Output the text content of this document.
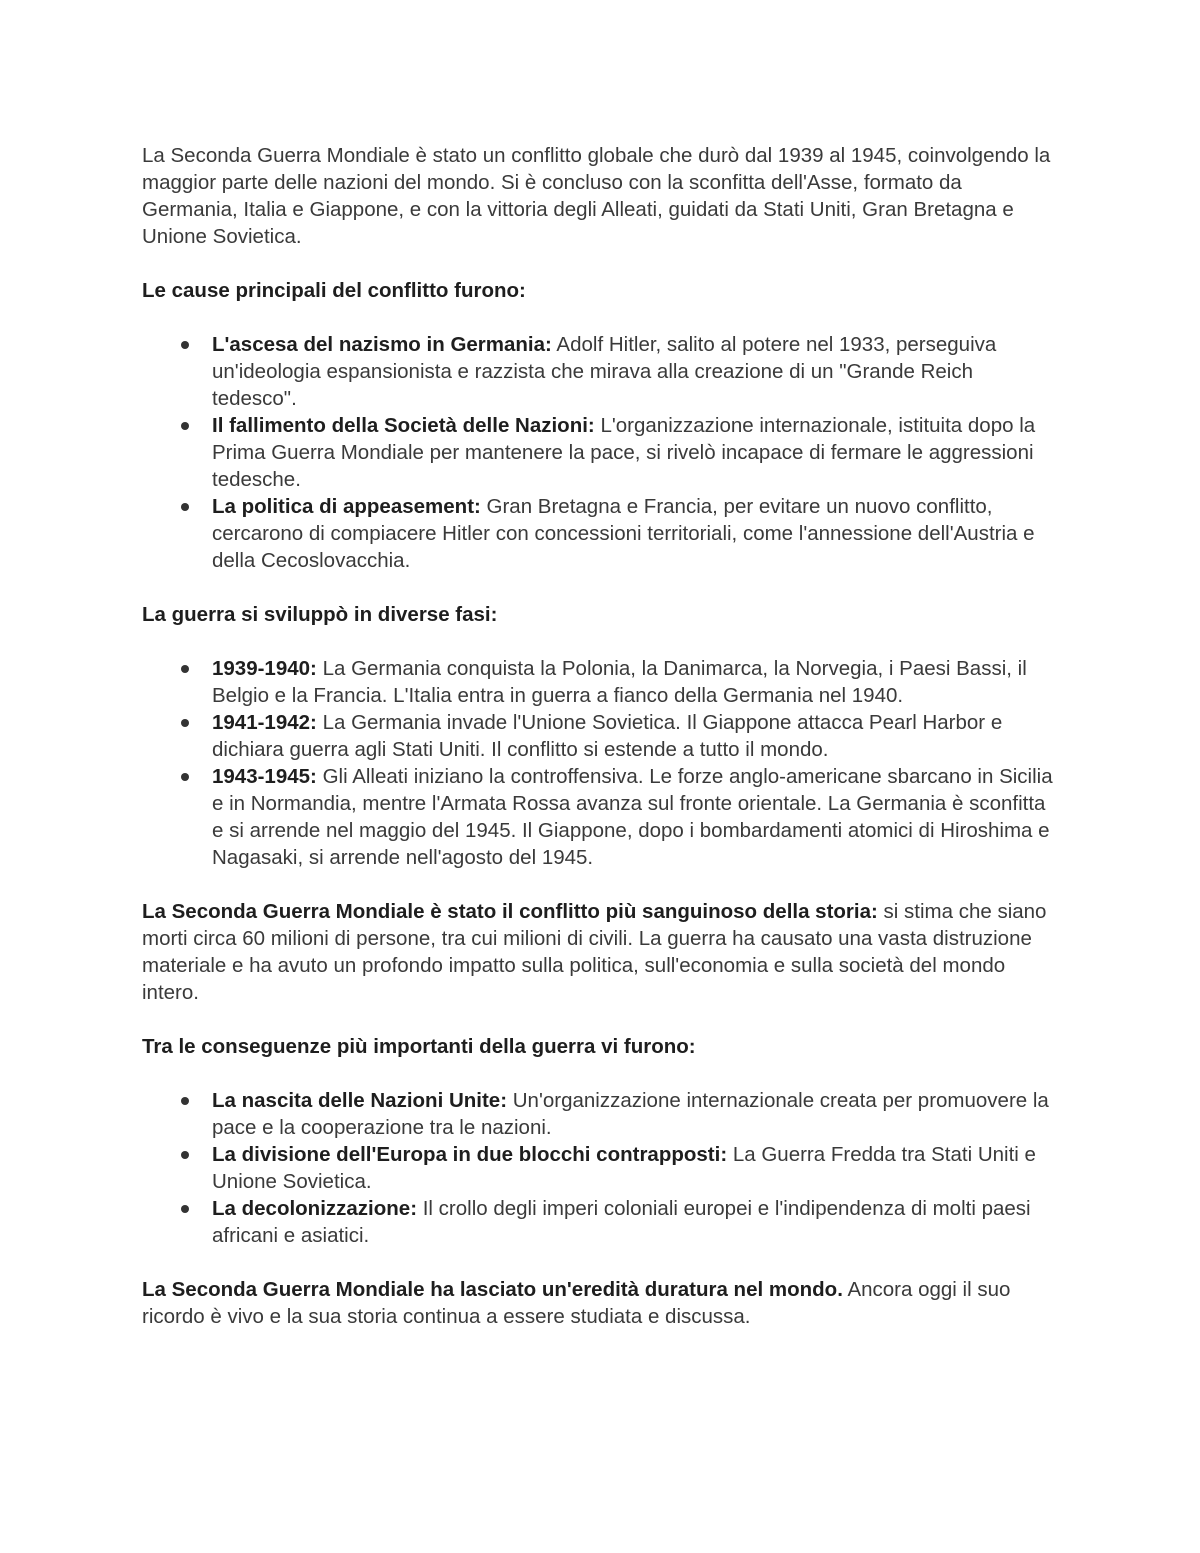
La Seconda Guerra Mondiale è stato un conflitto globale che durò dal 1939 al 1945, coinvolgendo la maggior parte delle nazioni del mondo. Si è concluso con la sconfitta dell'Asse, formato da Germania, Italia e Giappone, e con la vittoria degli Alleati, guidati da Stati Uniti, Gran Bretagna e Unione Sovietica.

Le cause principali del conflitto furono:

L'ascesa del nazismo in Germania: Adolf Hitler, salito al potere nel 1933, perseguiva un'ideologia espansionista e razzista che mirava alla creazione di un "Grande Reich tedesco".
Il fallimento della Società delle Nazioni: L'organizzazione internazionale, istituita dopo la Prima Guerra Mondiale per mantenere la pace, si rivelò incapace di fermare le aggressioni tedesche.
La politica di appeasement: Gran Bretagna e Francia, per evitare un nuovo conflitto, cercarono di compiacere Hitler con concessioni territoriali, come l'annessione dell'Austria e della Cecoslovacchia.

La guerra si sviluppò in diverse fasi:

1939-1940: La Germania conquista la Polonia, la Danimarca, la Norvegia, i Paesi Bassi, il Belgio e la Francia. L'Italia entra in guerra a fianco della Germania nel 1940.
1941-1942: La Germania invade l'Unione Sovietica. Il Giappone attacca Pearl Harbor e dichiara guerra agli Stati Uniti. Il conflitto si estende a tutto il mondo.
1943-1945: Gli Alleati iniziano la controffensiva. Le forze anglo-americane sbarcano in Sicilia e in Normandia, mentre l'Armata Rossa avanza sul fronte orientale. La Germania è sconfitta e si arrende nel maggio del 1945. Il Giappone, dopo i bombardamenti atomici di Hiroshima e Nagasaki, si arrende nell'agosto del 1945.

La Seconda Guerra Mondiale è stato il conflitto più sanguinoso della storia: si stima che siano morti circa 60 milioni di persone, tra cui milioni di civili. La guerra ha causato una vasta distruzione materiale e ha avuto un profondo impatto sulla politica, sull'economia e sulla società del mondo intero.

Tra le conseguenze più importanti della guerra vi furono:

La nascita delle Nazioni Unite: Un'organizzazione internazionale creata per promuovere la pace e la cooperazione tra le nazioni.
La divisione dell'Europa in due blocchi contrapposti: La Guerra Fredda tra Stati Uniti e Unione Sovietica.
La decolonizzazione: Il crollo degli imperi coloniali europei e l'indipendenza di molti paesi africani e asiatici.

La Seconda Guerra Mondiale ha lasciato un'eredità duratura nel mondo. Ancora oggi il suo ricordo è vivo e la sua storia continua a essere studiata e discussa.
